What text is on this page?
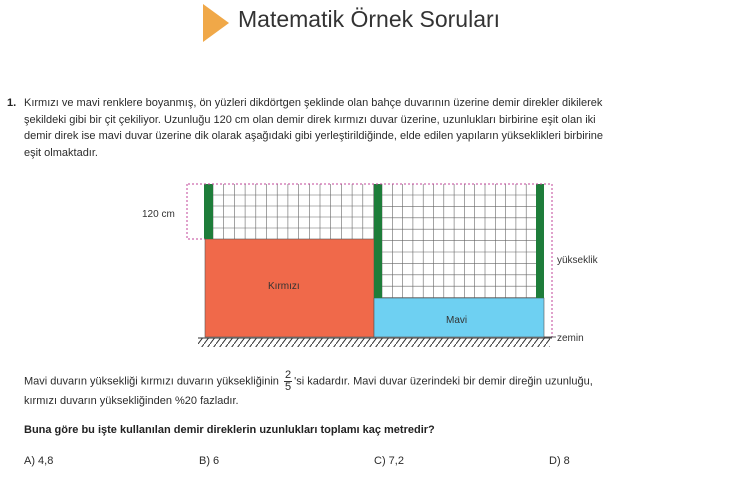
Matematik Örnek Soruları
1. Kırmızı ve mavi renklere boyanmış, ön yüzleri dikdörtgen şeklinde olan bahçe duvarının üzerine demir direkler dikilerek
şekildeki gibi bir çit çekiliyor. Uzunluğu 120 cm olan demir direk kırmızı duvar üzerine, uzunlukları birbirine eşit olan iki
demir direk ise mavi duvar üzerine dik olarak aşağıdaki gibi yerleştirildiğinde, elde edilen yapıların yükseklikleri birbirine
eşit olmaktadır.
120 cm
Kırmızı
Mavi
yükseklik
zemin
Mavi duvarın yüksekliği kırmızı duvarın yüksekliğinin $\frac{2}{5}$ 'si kadardır. Mavi duvar üzerindeki bir demir direğin uzunluğu,
kırmızı duvarın yüksekliğinden %20 fazladır.
Buna göre bu işte kullanılan demir direklerin uzunlukları toplamı kaç metredir?
A) 4,8	B) 6	C) 7,2	D) 8
